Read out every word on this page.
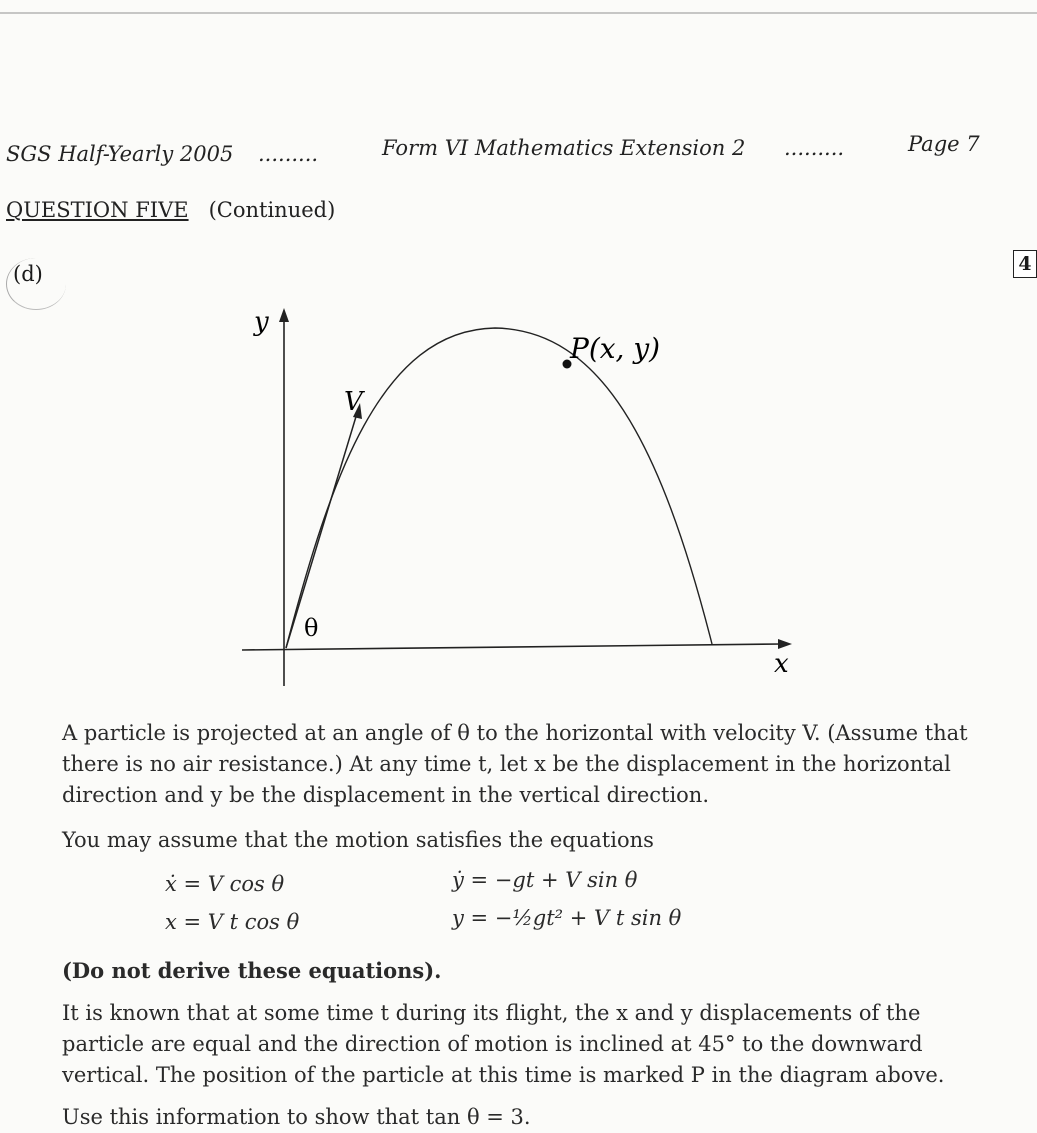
SGS Half-Yearly 2005 .........	Form VI Mathematics Extension 2 .........	Page 7
QUESTION FIVE (Continued)
(d)	4
y
x
V
θ
P(x, y)
A particle is projected at an angle of θ to the horizontal with velocity V. (Assume that there is no air resistance.) At any time t, let x be the displacement in the horizontal direction and y be the displacement in the vertical direction.
You may assume that the motion satisfies the equations
ẋ = V cos θ	ẏ = −gt + V sin θ
x = V t cos θ	y = −½gt² + V t sin θ
(Do not derive these equations).
It is known that at some time t during its flight, the x and y displacements of the particle are equal and the direction of motion is inclined at 45° to the downward vertical. The position of the particle at this time is marked P in the diagram above.
Use this information to show that tan θ = 3.
